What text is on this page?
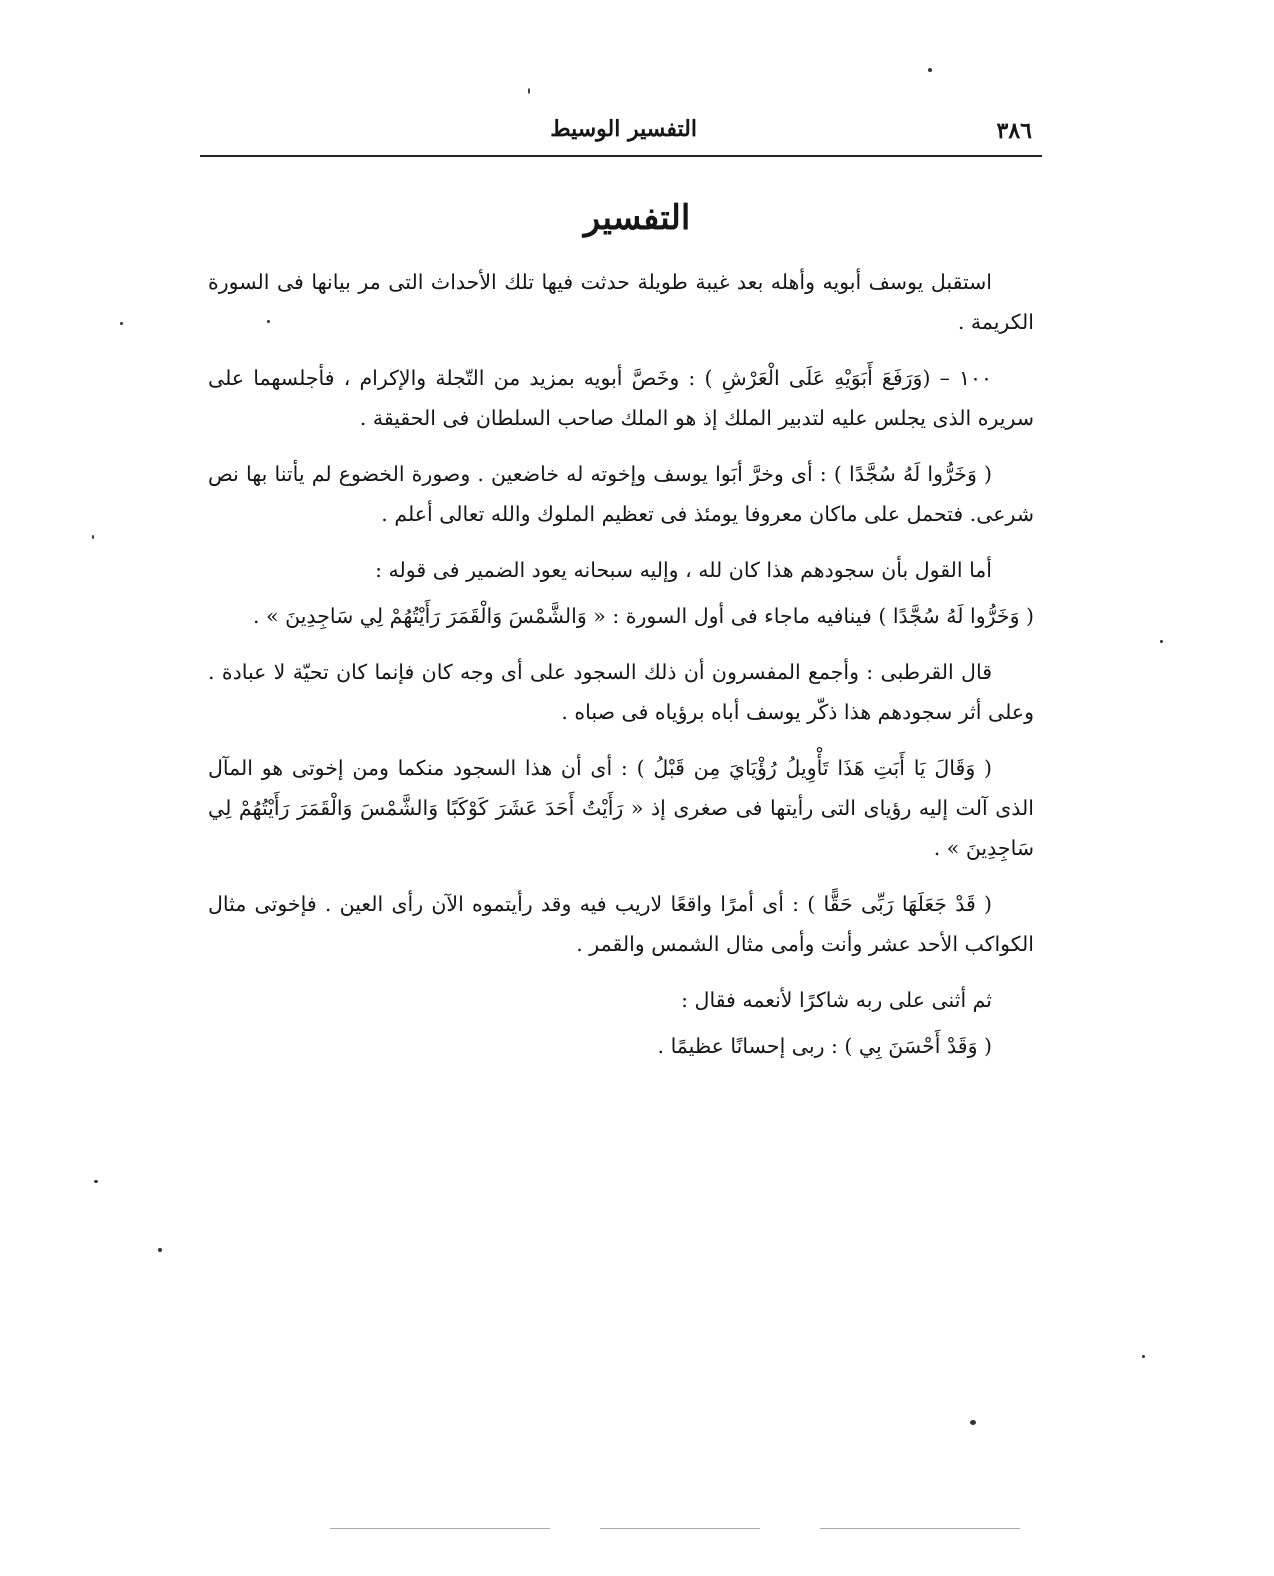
٣٨٦
التفسير الوسيط
التفسير

استقبل يوسف أبويه وأهله بعد غيبة طويلة حدثت فيها تلك الأحداث التى مر بيانها فى السورة الكريمة .

١٠٠ – (وَرَفَعَ أَبَوَيْهِ عَلَى الْعَرْشِ ) : وخَصَّ أبويه بمزيد من التّجلة والإكرام ، فأجلسهما على سريره الذى يجلس عليه لتدبير الملك إذ هو الملك صاحب السلطان فى الحقيقة .

( وَخَرُّوا لَهُ سُجَّدًا ) : أى وخرَّ أبَوا يوسف وإخوته له خاضعين . وصورة الخضوع لم يأتنا بها نص شرعى. فتحمل على ماكان معروفا يومئذ فى تعظيم الملوك والله تعالى أعلم .

أما القول بأن سجودهم هذا كان لله ، وإليه سبحانه يعود الضمير فى قوله :

( وَخَرُّوا لَهُ سُجَّدًا ) فينافيه ماجاء فى أول السورة : « وَالشَّمْسَ وَالْقَمَرَ رَأَيْتُهُمْ لِي سَاجِدِينَ » .

قال القرطبى : وأجمع المفسرون أن ذلك السجود على أى وجه كان فإنما كان تحيّة لا عبادة . وعلى أثر سجودهم هذا ذكّر يوسف أباه برؤياه فى صباه .

( وَقَالَ يَا أَبَتِ هَذَا تَأْوِيلُ رُؤْيَايَ مِن قَبْلُ ) : أى أن هذا السجود منكما ومن إخوتى هو المآل الذى آلت إليه رؤياى التى رأيتها فى صغرى إذ « رَأَيْتُ أَحَدَ عَشَرَ كَوْكَبًا وَالشَّمْسَ وَالْقَمَرَ رَأَيْتُهُمْ لِي سَاجِدِينَ » .

( قَدْ جَعَلَهَا رَبِّى حَقًّا ) : أى أمرًا واقعًا لاريب فيه وقد رأيتموه الآن رأى العين . فإخوتى مثال الكواكب الأحد عشر وأنت وأمى مثال الشمس والقمر .

ثم أثنى على ربه شاكرًا لأنعمه فقال :

( وَقَدْ أَحْسَنَ بِي ) : ربى إحسانًا عظيمًا .
